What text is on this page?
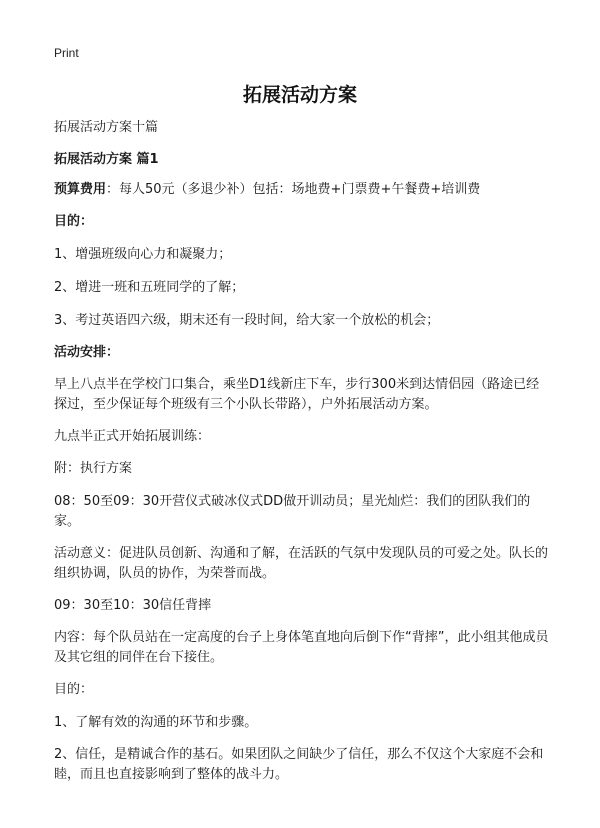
Print
拓展活动方案

拓展活动方案十篇

拓展活动方案 篇1

预算费用：每人50元（多退少补）包括：场地费+门票费+午餐费+培训费

目的：

1、增强班级向心力和凝聚力；

2、增进一班和五班同学的了解；

3、考过英语四六级，期末还有一段时间，给大家一个放松的机会；

活动安排：

早上八点半在学校门口集合，乘坐D1线新庄下车，步行300米到达情侣园（路途已经探过，至少保证每个班级有三个小队长带路），户外拓展活动方案。

九点半正式开始拓展训练：

附：执行方案

08：50至09：30开营仪式破冰仪式DD做开训动员；星光灿烂：我们的团队我们的家。

活动意义：促进队员创新、沟通和了解，在活跃的气氛中发现队员的可爱之处。队长的组织协调，队员的协作，为荣誉而战。

09：30至10：30信任背摔

内容：每个队员站在一定高度的台子上身体笔直地向后倒下作“背摔”，此小组其他成员及其它组的同伴在台下接住。

目的：

1、了解有效的沟通的环节和步骤。

2、信任，是精诚合作的基石。如果团队之间缺少了信任，那么不仅这个大家庭不会和睦，而且也直接影响到了整体的战斗力。
